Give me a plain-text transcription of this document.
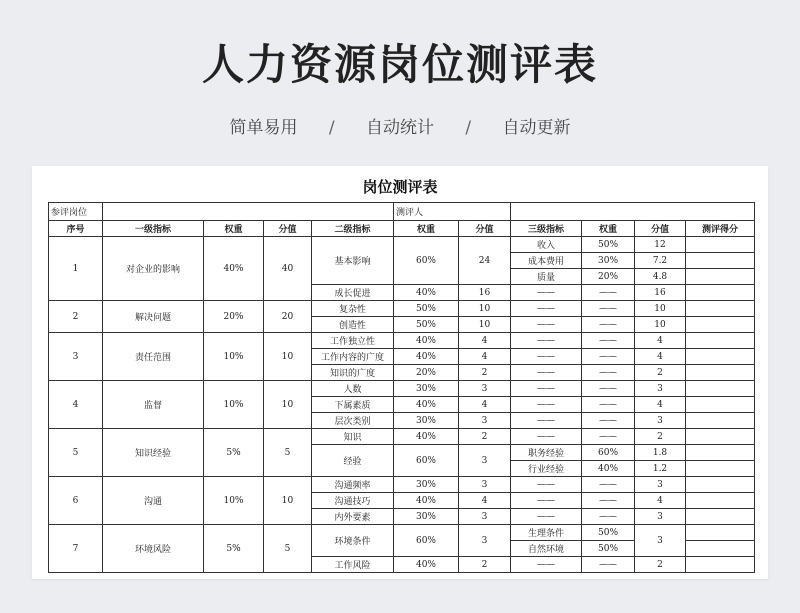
人力资源岗位测评表
简单易用 / 自动统计 / 自动更新
岗位测评表
参评岗位					测评人					
序号	一级指标	权重	分值	二级指标	权重	分值	三级指标	权重	分值	测评得分
1	对企业的影响	40%	40	基本影响	60%	24	收入	50%	12	
							成本费用	30%	7.2	
							质量	20%	4.8	
				成长促进	40%	16	——	——	16	
2	解决问题	20%	20	复杂性	50%	10	——	——	10	
				创造性	50%	10	——	——	10	
3	责任范围	10%	10	工作独立性	40%	4	——	——	4	
				工作内容的广度	40%	4	——	——	4	
				知识的广度	20%	2	——	——	2	
4	监督	10%	10	人数	30%	3	——	——	3	
				下属素质	40%	4	——	——	4	
				层次类别	30%	3	——	——	3	
5	知识经验	5%	5	知识	40%	2	——	——	2	
				经验	60%	3	职务经验	60%	1.8	
							行业经验	40%	1.2	
6	沟通	10%	10	沟通频率	30%	3	——	——	3	
				沟通技巧	40%	4	——	——	4	
				内外要素	30%	3	——	——	3	
7	环境风险	5%	5	环境条件	60%	3	生理条件	50%	3	
							自然环境	50%		
				工作风险	40%	2	——	——	2	
